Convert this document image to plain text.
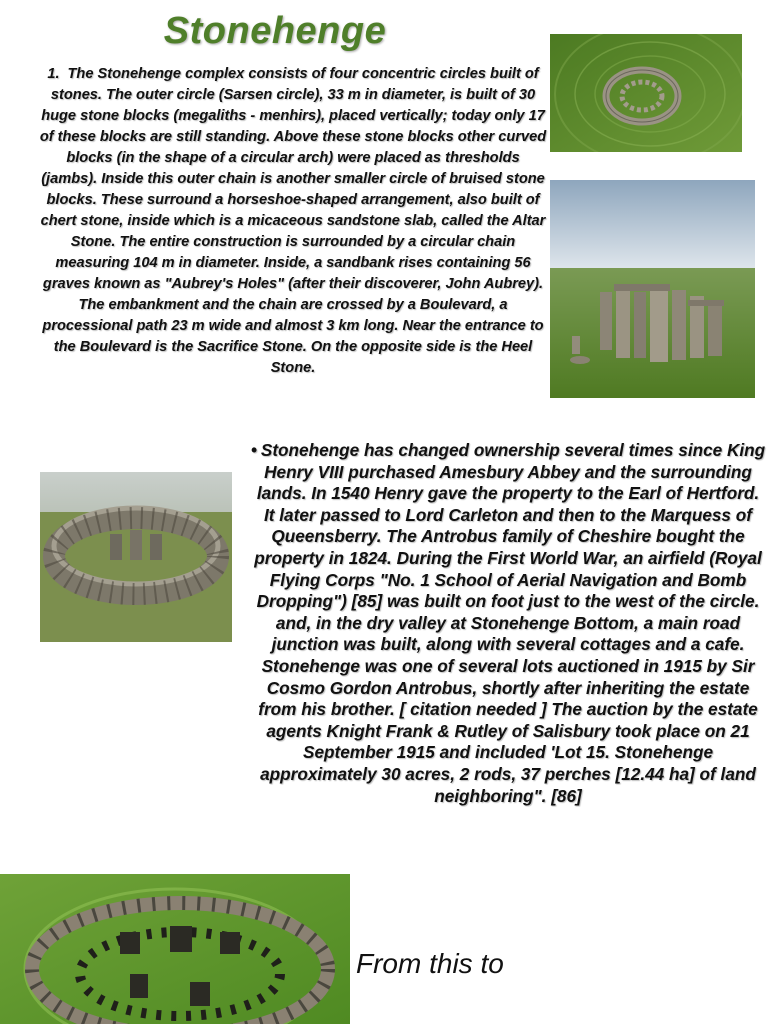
Stonehenge
1. The Stonehenge complex consists of four concentric circles built of stones. The outer circle (Sarsen circle), 33 m in diameter, is built of 30 huge stone blocks (megaliths - menhirs), placed vertically; today only 17 of these blocks are still standing. Above these stone blocks other curved blocks (in the shape of a circular arch) were placed as thresholds (jambs). Inside this outer chain is another smaller circle of bruised stone blocks. These surround a horseshoe-shaped arrangement, also built of chert stone, inside which is a micaceous sandstone slab, called the Altar Stone. The entire construction is surrounded by a circular chain measuring 104 m in diameter. Inside, a sandbank rises containing 56 graves known as "Aubrey's Holes" (after their discoverer, John Aubrey). The embankment and the chain are crossed by a Boulevard, a processional path 23 m wide and almost 3 km long. Near the entrance to the Boulevard is the Sacrifice Stone. On the opposite side is the Heel Stone.
• Stonehenge has changed ownership several times since King Henry VIII purchased Amesbury Abbey and the surrounding lands. In 1540 Henry gave the property to the Earl of Hertford. It later passed to Lord Carleton and then to the Marquess of Queensberry. The Antrobus family of Cheshire bought the property in 1824. During the First World War, an airfield (Royal Flying Corps "No. 1 School of Aerial Navigation and Bomb Dropping") [85] was built on foot just to the west of the circle. and, in the dry valley at Stonehenge Bottom, a main road junction was built, along with several cottages and a cafe. Stonehenge was one of several lots auctioned in 1915 by Sir Cosmo Gordon Antrobus, shortly after inheriting the estate from his brother. [ citation needed ] The auction by the estate agents Knight Frank & Rutley of Salisbury took place on 21 September 1915 and included 'Lot 15. Stonehenge approximately 30 acres, 2 rods, 37 perches [12.44 ha] of land neighboring". [86]
From this to
